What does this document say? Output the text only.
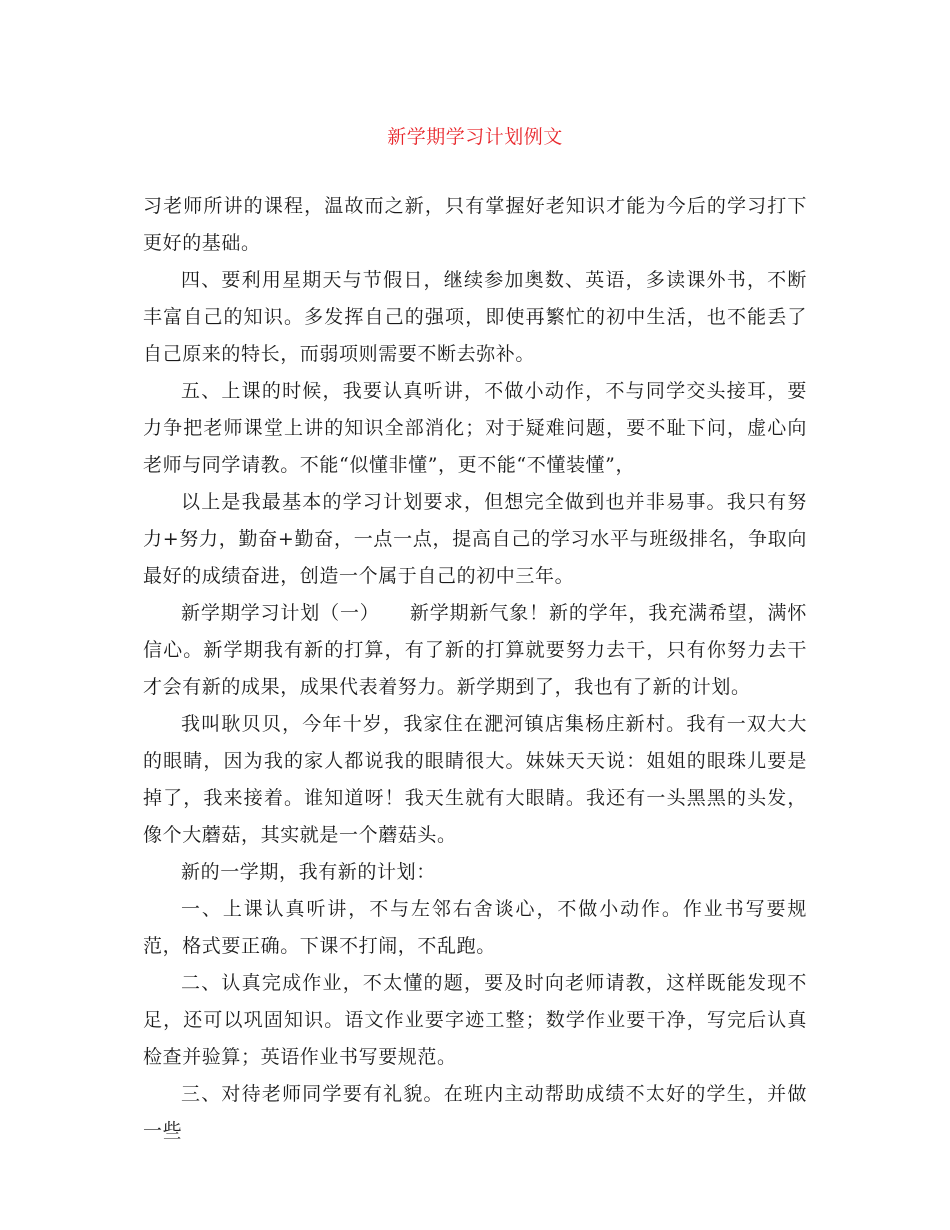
新学期学习计划例文

习老师所讲的课程，温故而之新，只有掌握好老知识才能为今后的学习打下更好的基础。

四、要利用星期天与节假日，继续参加奥数、英语，多读课外书，不断丰富自己的知识。多发挥自己的强项，即使再繁忙的初中生活，也不能丢了自己原来的特长，而弱项则需要不断去弥补。

五、上课的时候，我要认真听讲，不做小动作，不与同学交头接耳，要力争把老师课堂上讲的知识全部消化；对于疑难问题，要不耻下问，虚心向老师与同学请教。不能“似懂非懂”，更不能“不懂装懂”，

以上是我最基本的学习计划要求，但想完全做到也并非易事。我只有努力+努力，勤奋+勤奋，一点一点，提高自己的学习水平与班级排名，争取向最好的成绩奋进，创造一个属于自己的初中三年。

新学期学习计划（一）　　新学期新气象！新的学年，我充满希望，满怀信心。新学期我有新的打算，有了新的打算就要努力去干，只有你努力去干才会有新的成果，成果代表着努力。新学期到了，我也有了新的计划。

我叫耿贝贝，今年十岁，我家住在淝河镇店集杨庄新村。我有一双大大的眼睛，因为我的家人都说我的眼睛很大。妹妹天天说：姐姐的眼珠儿要是掉了，我来接着。谁知道呀！我天生就有大眼睛。我还有一头黑黑的头发，像个大蘑菇，其实就是一个蘑菇头。

新的一学期，我有新的计划：

一、上课认真听讲，不与左邻右舍谈心，不做小动作。作业书写要规范，格式要正确。下课不打闹，不乱跑。

二、认真完成作业，不太懂的题，要及时向老师请教，这样既能发现不足，还可以巩固知识。语文作业要字迹工整；数学作业要干净，写完后认真检查并验算；英语作业书写要规范。

三、对待老师同学要有礼貌。在班内主动帮助成绩不太好的学生，并做一些
